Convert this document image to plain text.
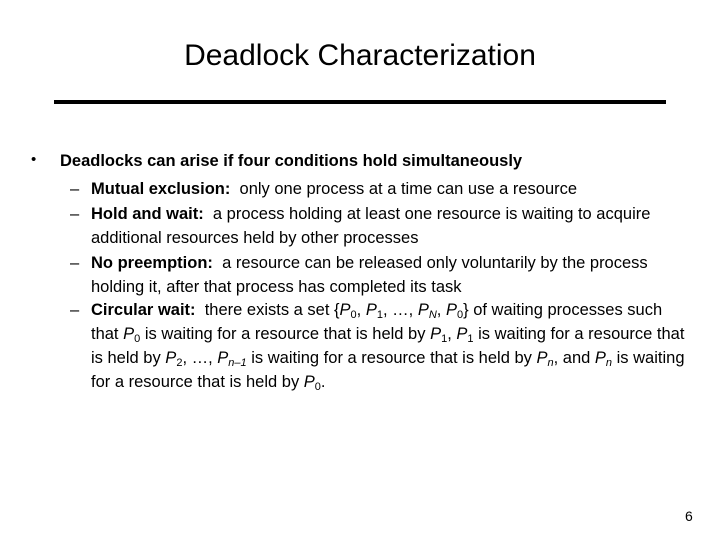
Deadlock Characterization
• Deadlocks can arise if four conditions hold simultaneously
– Mutual exclusion: only one process at a time can use a resource
– Hold and wait: a process holding at least one resource is waiting to acquire additional resources held by other processes
– No preemption: a resource can be released only voluntarily by the process holding it, after that process has completed its task
– Circular wait: there exists a set {$P_0$, $P_1$, …, $P_N$, $P_0$} of waiting processes such that $P_0$ is waiting for a resource that is held by $P_1$, $P_1$ is waiting for a resource that is held by $P_2$, …, $P_{n-1}$ is waiting for a resource that is held by $P_n$, and $P_n$ is waiting for a resource that is held by $P_0$.
6
